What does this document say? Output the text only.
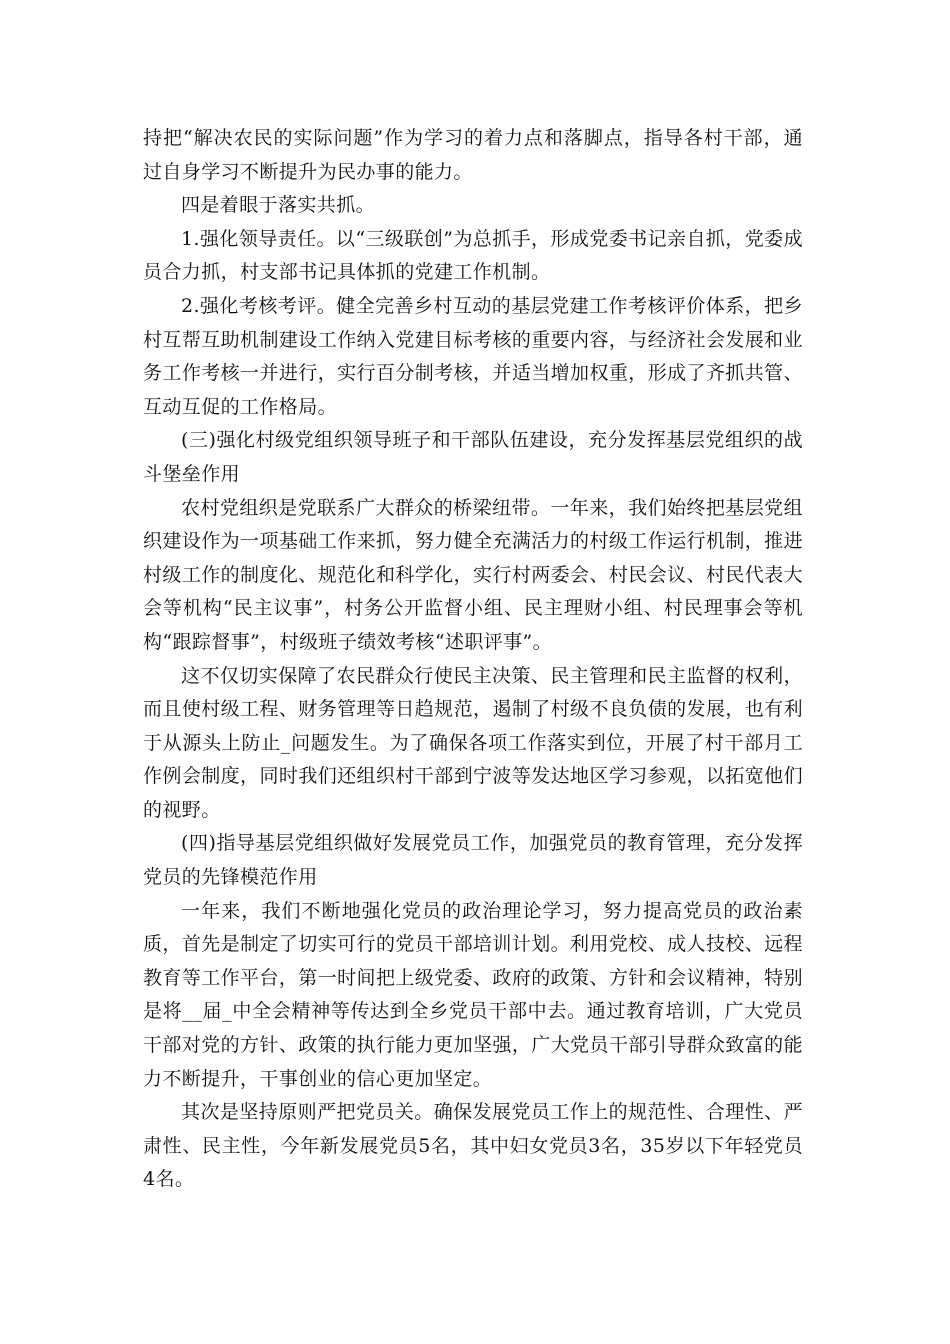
持把“解决农民的实际问题”作为学习的着力点和落脚点，指导各村干部，通过自身学习不断提升为民办事的能力。

四是着眼于落实共抓。

1.强化领导责任。以“三级联创”为总抓手，形成党委书记亲自抓，党委成员合力抓，村支部书记具体抓的党建工作机制。

2.强化考核考评。健全完善乡村互动的基层党建工作考核评价体系，把乡村互帮互助机制建设工作纳入党建目标考核的重要内容，与经济社会发展和业务工作考核一并进行，实行百分制考核，并适当增加权重，形成了齐抓共管、互动互促的工作格局。

(三)强化村级党组织领导班子和干部队伍建设，充分发挥基层党组织的战斗堡垒作用

农村党组织是党联系广大群众的桥梁纽带。一年来，我们始终把基层党组织建设作为一项基础工作来抓，努力健全充满活力的村级工作运行机制，推进村级工作的制度化、规范化和科学化，实行村两委会、村民会议、村民代表大会等机构“民主议事”，村务公开监督小组、民主理财小组、村民理事会等机构“跟踪督事”，村级班子绩效考核“述职评事”。

这不仅切实保障了农民群众行使民主决策、民主管理和民主监督的权利，而且使村级工程、财务管理等日趋规范，遏制了村级不良负债的发展，也有利于从源头上防止_问题发生。为了确保各项工作落实到位，开展了村干部月工作例会制度，同时我们还组织村干部到宁波等发达地区学习参观，以拓宽他们的视野。

(四)指导基层党组织做好发展党员工作，加强党员的教育管理，充分发挥党员的先锋模范作用

一年来，我们不断地强化党员的政治理论学习，努力提高党员的政治素质，首先是制定了切实可行的党员干部培训计划。利用党校、成人技校、远程教育等工作平台，第一时间把上级党委、政府的政策、方针和会议精神，特别是将__届_中全会精神等传达到全乡党员干部中去。通过教育培训，广大党员干部对党的方针、政策的执行能力更加坚强，广大党员干部引导群众致富的能力不断提升，干事创业的信心更加坚定。

其次是坚持原则严把党员关。确保发展党员工作上的规范性、合理性、严肃性、民主性，今年新发展党员5名，其中妇女党员3名，35岁以下年轻党员4名。
